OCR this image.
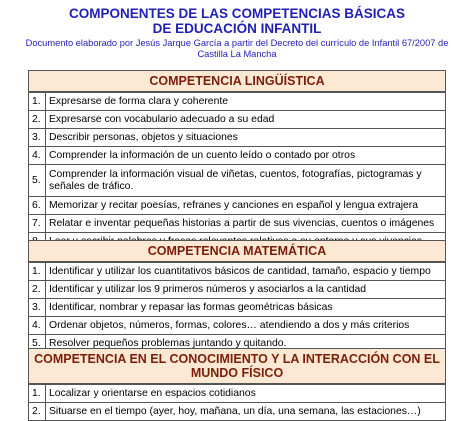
COMPONENTES DE LAS COMPETENCIAS BÁSICAS
DE EDUCACIÓN INFANTIL
Documento elaborado por Jesús Jarque García a partir del Decreto del currículo de Infantil 67/2007 de
Castilla La Mancha
COMPETENCIA LINGÜÍSTICA
1.	Expresarse de forma clara y coherente
2.	Expresarse con vocabulario adecuado a su edad
3.	Describir personas, objetos y situaciones
4.	Comprender la información de un cuento leído o contado por otros
5.	Comprender la información visual de viñetas, cuentos, fotografías, pictogramas y señales de tráfico.
6.	Memorizar y recitar poesías, refranes y canciones en español y lengua extrajera
7.	Relatar e inventar pequeñas historias a partir de sus vivencias, cuentos o imágenes

COMPETENCIA MATEMÁTICA
1.	Identificar y utilizar los cuantitativos básicos de cantidad, tamaño, espacio y tiempo
2.	Identificar y utilizar los 9 primeros números y asociarlos a la cantidad
3.	Identificar, nombrar y repasar las formas geométricas básicas
4.	Ordenar objetos, números, formas, colores… atendiendo a dos y más criterios
5.	Resolver pequeños problemas juntando y quitando.
COMPETENCIA EN EL CONOCIMIENTO Y LA INTERACCIÓN CON EL
MUNDO FÍSICO
1.	Localizar y orientarse en espacios cotidianos
2.	Situarse en el tiempo (ayer, hoy, mañana, un día, una semana, las estaciones…)
